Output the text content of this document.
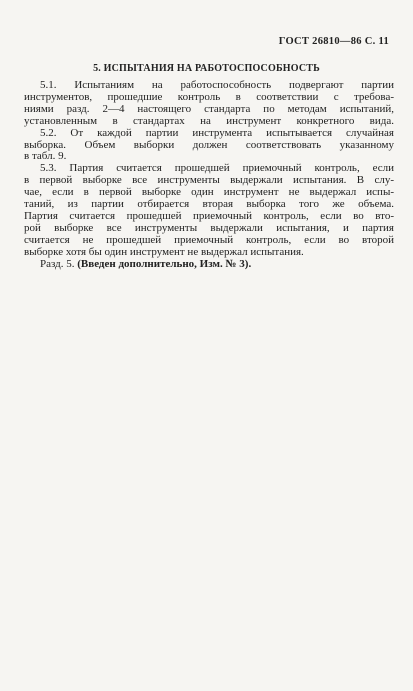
ГОСТ 26810—86 С. 11
5. ИСПЫТАНИЯ НА РАБОТОСПОСОБНОСТЬ

5.1. Испытаниям на работоспособность подвергают партии
инструментов, прошедшие контроль в соответствии с требова-
ниями разд. 2—4 настоящего стандарта по методам испытаний,
установленным в стандартах на инструмент конкретного вида.

5.2. От каждой партии инструмента испытывается случайная
выборка. Объем выборки должен соответствовать указанному
в табл. 9.

5.3. Партия считается прошедшей приемочный контроль, если
в первой выборке все инструменты выдержали испытания. В слу-
чае, если в первой выборке один инструмент не выдержал испы-
таний, из партии отбирается вторая выборка того же объема.
Партия считается прошедшей приемочный контроль, если во вто-
рой выборке все инструменты выдержали испытания, и партия
считается не прошедшей приемочный контроль, если во второй
выборке хотя бы один инструмент не выдержал испытания.

Разд. 5. (Введен дополнительно, Изм. № 3).
